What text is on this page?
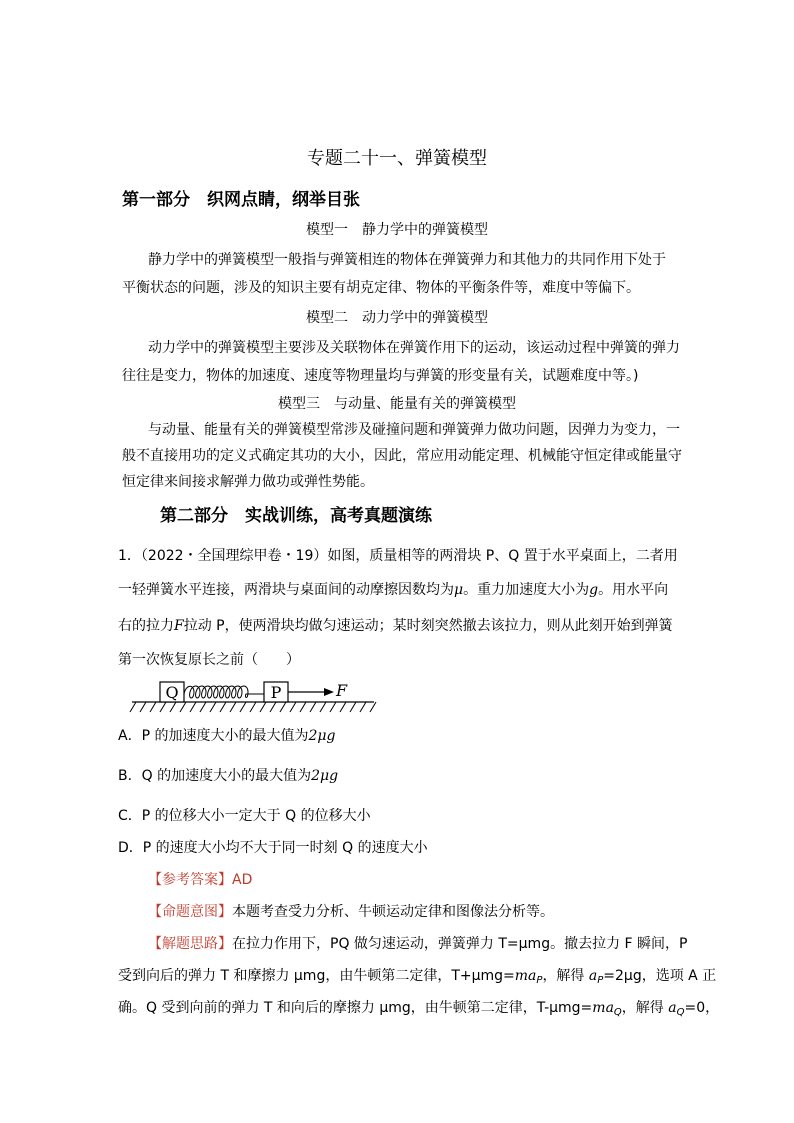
专题二十一、弹簧模型
第一部分　织网点睛，纲举目张
模型一　静力学中的弹簧模型
静力学中的弹簧模型一般指与弹簧相连的物体在弹簧弹力和其他力的共同作用下处于
平衡状态的问题，涉及的知识主要有胡克定律、物体的平衡条件等，难度中等偏下。
模型二　动力学中的弹簧模型
动力学中的弹簧模型主要涉及关联物体在弹簧作用下的运动，该运动过程中弹簧的弹力
往往是变力，物体的加速度、速度等物理量均与弹簧的形变量有关，试题难度中等。)
模型三　与动量、能量有关的弹簧模型
与动量、能量有关的弹簧模型常涉及碰撞问题和弹簧弹力做功问题，因弹力为变力，一
般不直接用功的定义式确定其功的大小，因此，常应用动能定理、机械能守恒定律或能量守
恒定律来间接求解弹力做功或弹性势能。
第二部分　实战训练，高考真题演练
1．（2022・全国理综甲卷・19）如图，质量相等的两滑块 P、Q 置于水平桌面上，二者用
一轻弹簧水平连接，两滑块与桌面间的动摩擦因数均为μ。重力加速度大小为g。用水平向
右的拉力F拉动 P，使两滑块均做匀速运动；某时刻突然撤去该拉力，则从此刻开始到弹簧
第一次恢复原长之前（　　）
Q	P	F
A．P 的加速度大小的最大值为2μg
B．Q 的加速度大小的最大值为2μg
C．P 的位移大小一定大于 Q 的位移大小
D．P 的速度大小均不大于同一时刻 Q 的速度大小
【参考答案】AD
【命题意图】本题考查受力分析、牛顿运动定律和图像法分析等。
【解题思路】在拉力作用下，PQ 做匀速运动，弹簧弹力 T=μmg。撤去拉力 F 瞬间，P
受到向后的弹力 T 和摩擦力 μmg，由牛顿第二定律，$T+\mu mg=ma_P$，解得 $a_P=2\mu g$，选项 A 正
确。Q 受到向前的弹力 T 和向后的摩擦力 μmg，由牛顿第二定律，$T-\mu mg=ma_Q$，解得 $a_Q=0$，
